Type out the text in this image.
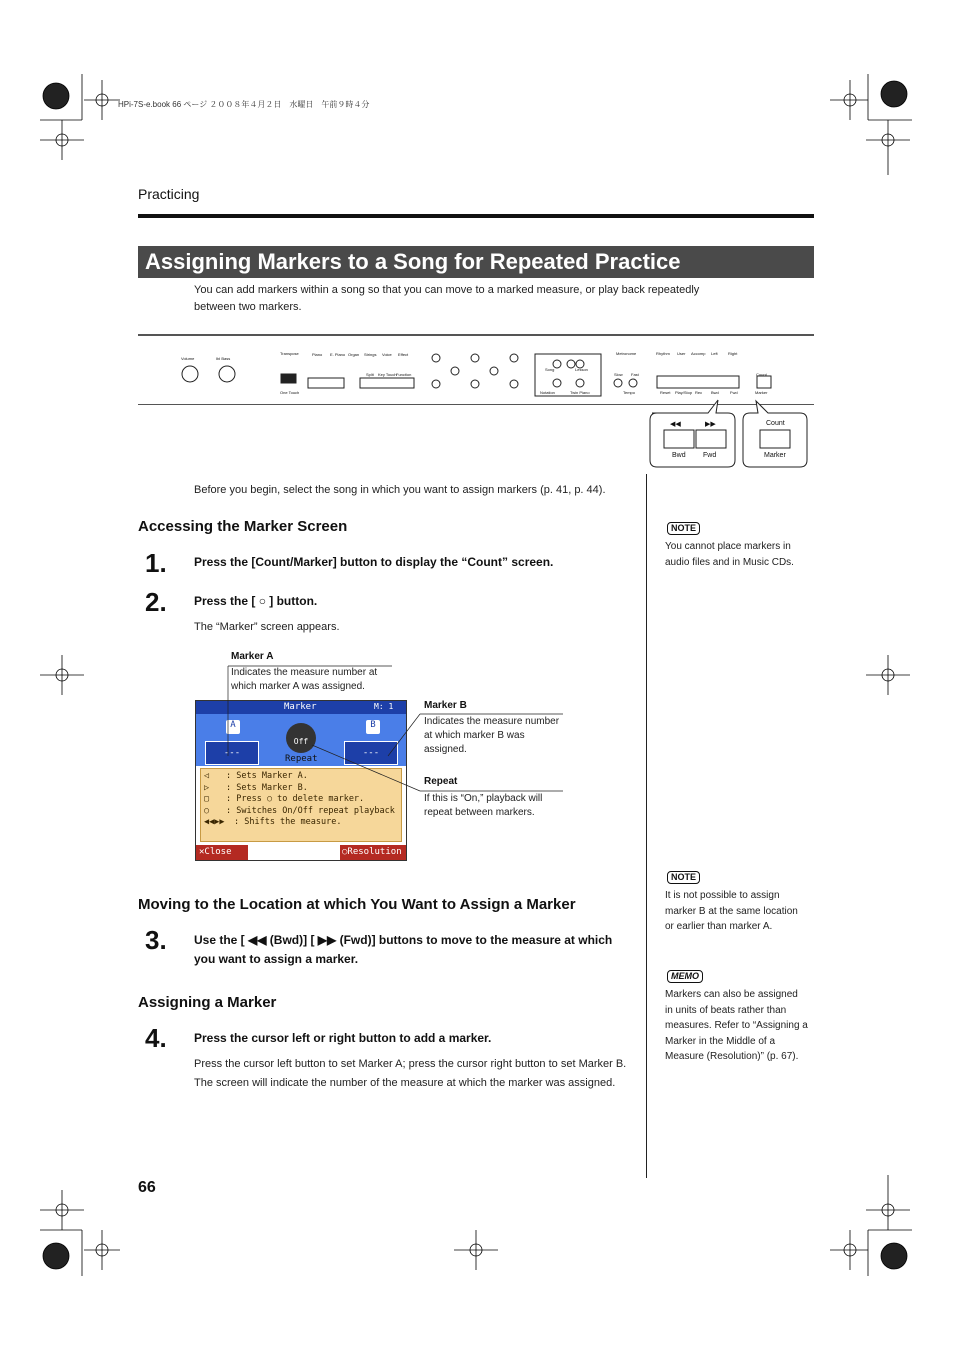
HPi-7S-e.book 66 ページ ２００８年４月２日　水曜日　午前９時４分
Practicing
Assigning Markers to a Song for Repeated Practice
You can add markers within a song so that you can move to a marked measure, or play back repeatedly
between two markers.
Volume	Ibl Bass
Transpose	Piano E. Piano Organ Strings Voice Effect
Split Key Touch Function
One Touch
Song	Lesson
Notation	Twin Piano
Metronome
Slow Fast
Tempo
Rhythm User Accomp Left	Right
Reset Play/Stop Rec Bwd	Fwd
Count
Marker
◀◀	▶▶
Bwd Fwd
Count
Marker
Before you begin, select the song in which you want to assign markers (p. 41, p. 44).
Accessing the Marker Screen
1. Press the [Count/Marker] button to display the “Count” screen.
2. Press the [ ○ ] button.
The “Marker” screen appears.
Marker	M: 1
A	B
---	---
Off
Repeat
◁ : Sets Marker A.
▷ : Sets Marker B.
▢ : Press ○ to delete marker.
○ : Switches On/Off repeat playback
◀◀▶▶ : Shifts the measure.
✕Close	○Resolution
Marker A
Indicates the measure number at
which marker A was assigned.
Marker B
Indicates the measure number
at which marker B was
assigned.
Repeat
If this is “On,” playback will
repeat between markers.
Moving to the Location at which You Want to Assign a Marker
3. Use the [ ◀◀ (Bwd)] [ ▶▶ (Fwd)] buttons to move to the measure at which
you want to assign a marker.
Assigning a Marker
4. Press the cursor left or right button to add a marker.
Press the cursor left button to set Marker A; press the cursor right button to set Marker B.
The screen will indicate the number of the measure at which the marker was assigned.
NOTE
You cannot place markers in
audio files and in Music CDs.
NOTE
It is not possible to assign
marker B at the same location
or earlier than marker A.
MEMO
Markers can also be assigned
in units of beats rather than
measures. Refer to “Assigning a
Marker in the Middle of a
Measure (Resolution)” (p. 67).
66
